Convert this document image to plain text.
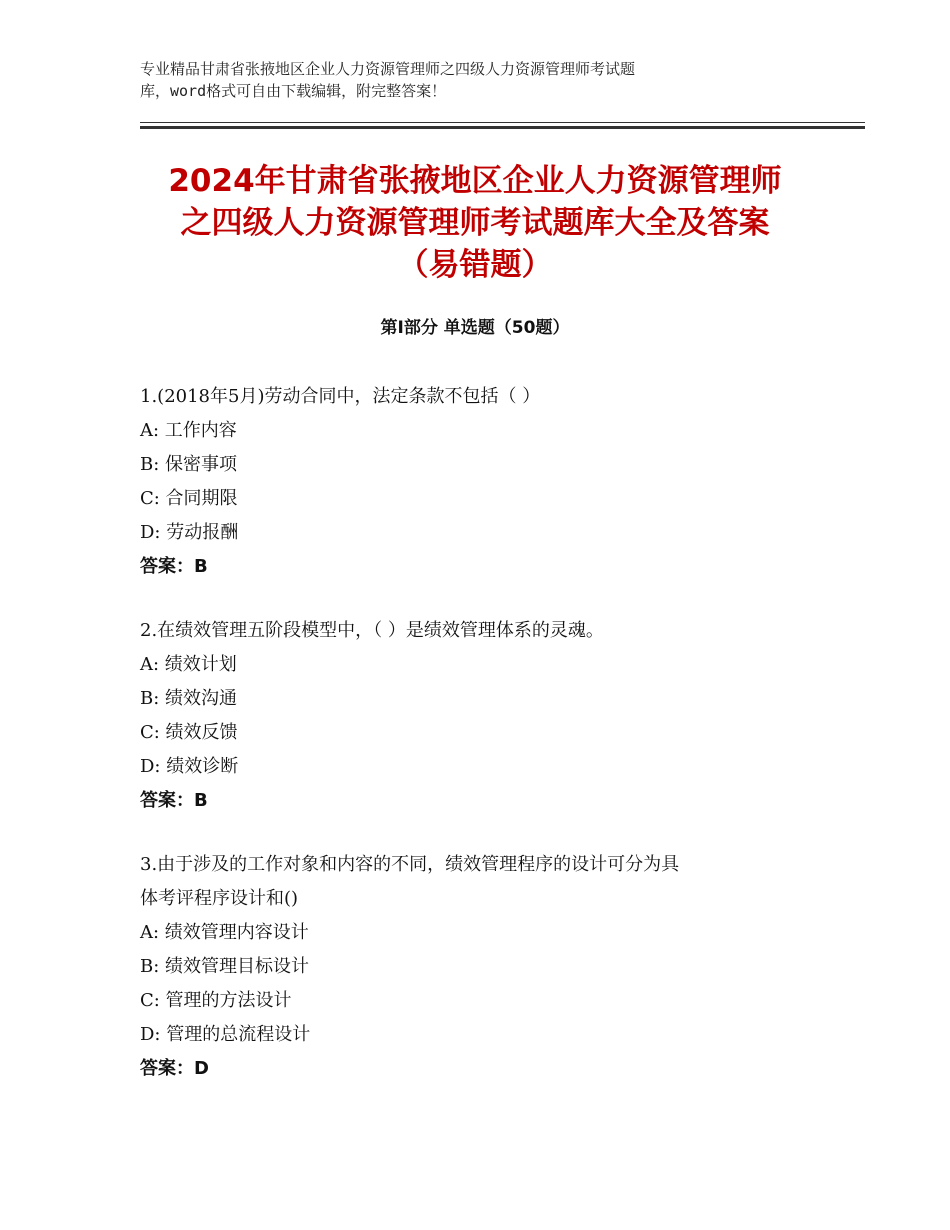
专业精品甘肃省张掖地区企业人力资源管理师之四级人力资源管理师考试题
库，word格式可自由下载编辑，附完整答案！
2024年甘肃省张掖地区企业人力资源管理师
之四级人力资源管理师考试题库大全及答案
（易错题）
第Ⅰ部分 单选题（50题）
1.(2018年5月)劳动合同中，法定条款不包括（ ）
A: 工作内容
B: 保密事项
C: 合同期限
D: 劳动报酬
答案：B
2.在绩效管理五阶段模型中，（ ）是绩效管理体系的灵魂。
A: 绩效计划
B: 绩效沟通
C: 绩效反馈
D: 绩效诊断
答案：B
3.由于涉及的工作对象和内容的不同，绩效管理程序的设计可分为具
体考评程序设计和()
A: 绩效管理内容设计
B: 绩效管理目标设计
C: 管理的方法设计
D: 管理的总流程设计
答案：D
